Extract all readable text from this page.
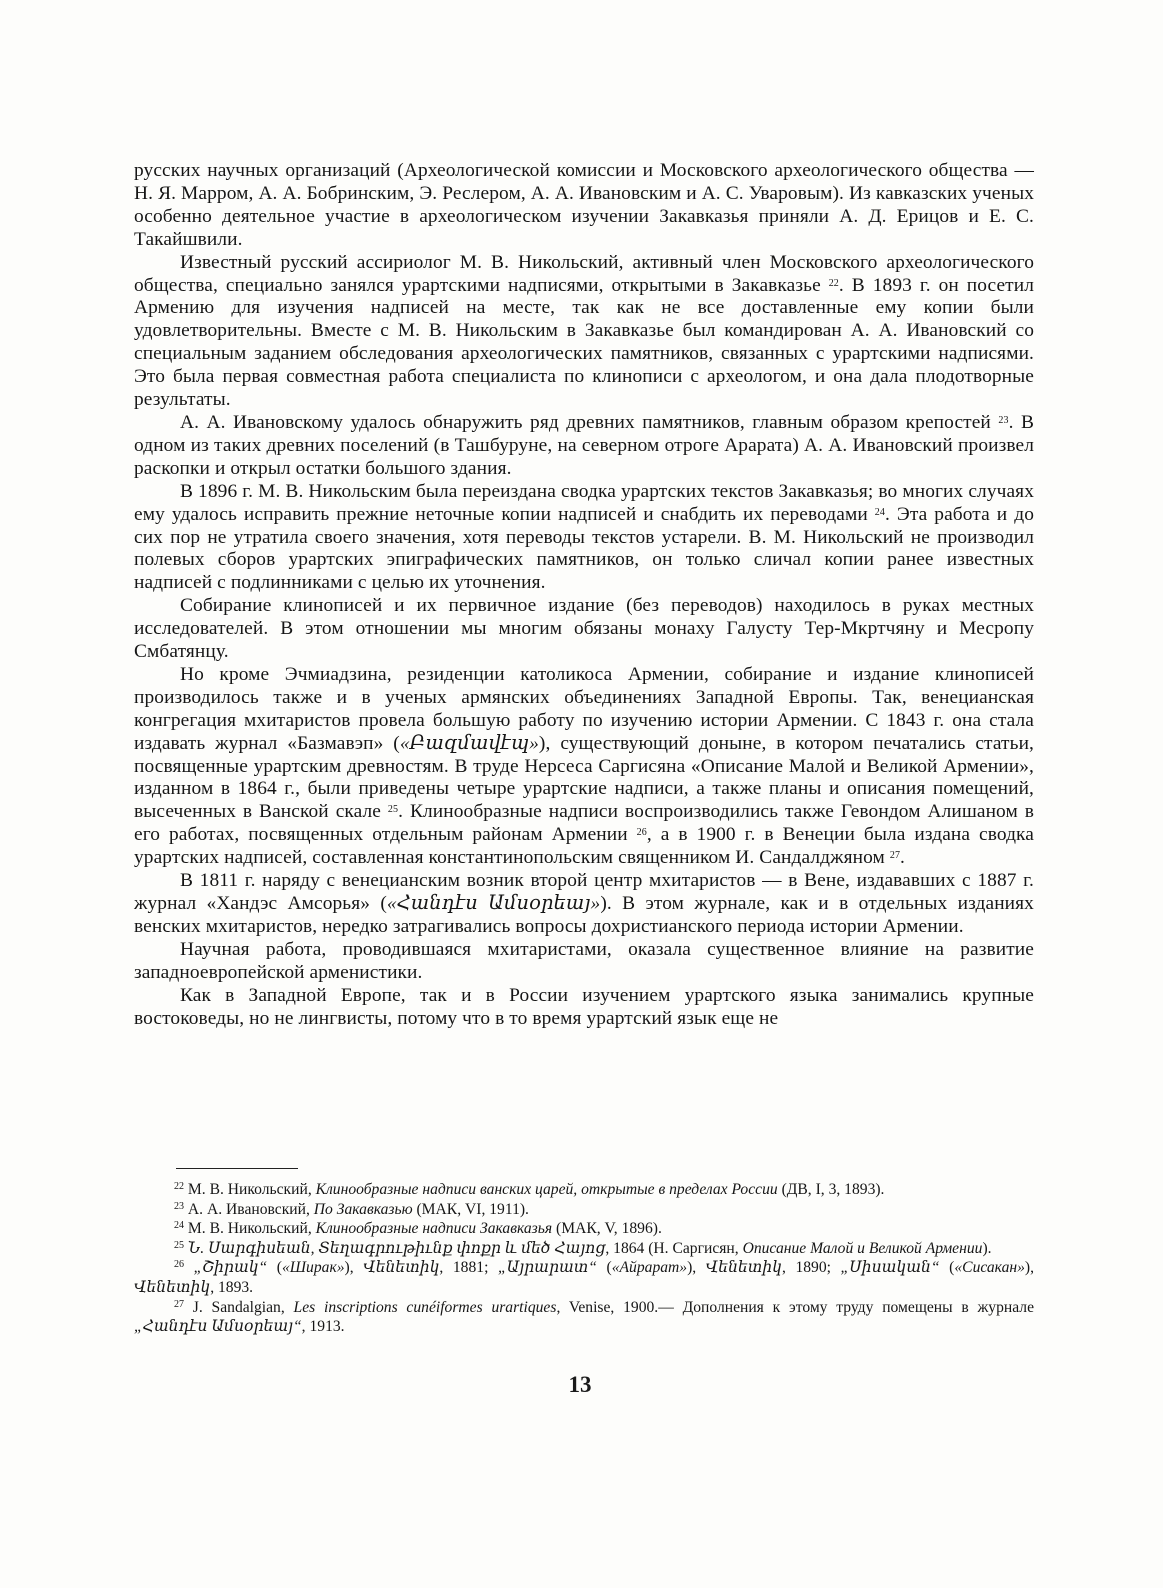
русских научных организаций (Археологической комиссии и Московского археологического общества — Н. Я. Марром, А. А. Бобринским, Э. Реслером, А. А. Ивановским и А. С. Уваровым). Из кавказских ученых особенно деятельное участие в археологическом изучении Закавказья приняли А. Д. Ерицов и Е. С. Такайшвили.

Известный русский ассириолог М. В. Никольский, активный член Московского археологического общества, специально занялся урартскими надписями, открытыми в Закавказье $^{22}$. В 1893 г. он посетил Армению для изучения надписей на месте, так как не все доставленные ему копии были удовлетворительны. Вместе с М. В. Никольским в Закавказье был командирован А. А. Ивановский со специальным заданием обследования археологических памятников, связанных с урартскими надписями. Это была первая совместная работа специалиста по клинописи с археологом, и она дала плодотворные результаты.

А. А. Ивановскому удалось обнаружить ряд древних памятников, главным образом крепостей $^{23}$. В одном из таких древних поселений (в Ташбуруне, на северном отроге Арарата) А. А. Ивановский произвел раскопки и открыл остатки большого здания.

В 1896 г. М. В. Никольским была переиздана сводка урартских текстов Закавказья; во многих случаях ему удалось исправить прежние неточные копии надписей и снабдить их переводами $^{24}$. Эта работа и до сих пор не утратила своего значения, хотя переводы текстов устарели. В. М. Никольский не производил полевых сборов урартских эпиграфических памятников, он только сличал копии ранее известных надписей с подлинниками с целью их уточнения.

Собирание клинописей и их первичное издание (без переводов) находилось в руках местных исследователей. В этом отношении мы многим обязаны монаху Галусту Тер-Мкртчяну и Месропу Смбатянцу.

Но кроме Эчмиадзина, резиденции католикоса Армении, собирание и издание клинописей производилось также и в ученых армянских объединениях Западной Европы. Так, венецианская конгрегация мхитаристов провела большую работу по изучению истории Армении. С 1843 г. она стала издавать журнал «Базмавэп» («Բազմավէպ»), существующий доныне, в котором печатались статьи, посвященные урартским древностям. В труде Нерсеса Саргисяна «Описание Малой и Великой Армении», изданном в 1864 г., были приведены четыре урартские надписи, а также планы и описания помещений, высеченных в Ванской скале $^{25}$. Клинообразные надписи воспроизводились также Гевондом Алишаном в его работах, посвященных отдельным районам Армении $^{26}$, а в 1900 г. в Венеции была издана сводка урартских надписей, составленная константинопольским священником И. Сандалджяном $^{27}$.

В 1811 г. наряду с венецианским возник второй центр мхитаристов — в Вене, издававших с 1887 г. журнал «Хандэс Амсорья» («Հանդէս Ամսօրեայ»). В этом журнале, как и в отдельных изданиях венских мхитаристов, нередко затрагивались вопросы дохристианского периода истории Армении.

Научная работа, проводившаяся мхитаристами, оказала существенное влияние на развитие западноевропейской арменистики.

Как в Западной Европе, так и в России изучением урартского языка занимались крупные востоковеды, но не лингвисты, потому что в то время урартский язык еще не

$^{22}$ М. В. Никольский, Клинообразные надписи ванских царей, открытые в пределах России (ДВ, I, 3, 1893).

$^{23}$ А. А. Ивановский, По Закавказью (МАК, VI, 1911).

$^{24}$ М. В. Никольский, Клинообразные надписи Закавказья (МАК, V, 1896).

$^{25}$ Ն. Սարգիսեան, Տեղագրութիւնք փոքր և մեծ Հայոց, 1864 (Н. Саргисян, Описание Малой и Великой Армении).

$^{26}$ „Շիրակ“ («Ширак»), Վենետիկ, 1881; „Այրարատ“ («Айрарат»), Վենետիկ, 1890; „Սիսական“ («Сисакан»), Վենետիկ, 1893.

$^{27}$ J. Sandalgian, Les inscriptions cunéiformes urartiques, Venise, 1900.— Дополнения к этому труду помещены в журнале „Հանդէս Ամսօրեայ“, 1913.

13
